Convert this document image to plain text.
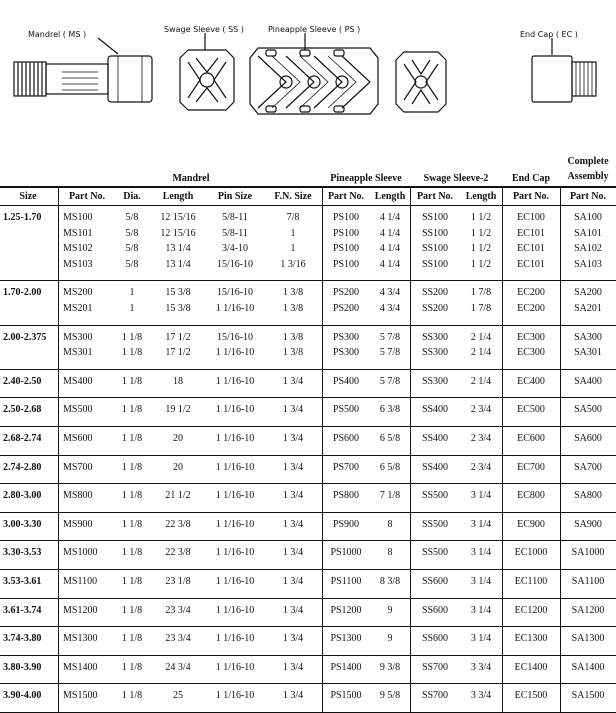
Mandrel ( MS )
Swage Sleeve ( SS )	Pineapple Sleeve ( PS )
End Cap ( EC )
Mandrel	Pineapple Sleeve	Swage Sleeve-2	End Cap
Complete
Assembly
Size	Part No.	Dia.	Length	Pin Size	F.N. Size	Part No.	Length	Part No.	Length	Part No.	Part No.
1.25-1.70 MS100	5/8	12 15/16	5/8-11	7/8	PS100	4 1/4	SS100	1 1/2	EC100	SA100
MS101	5/8	12 15/16	5/8-11	1	PS100	4 1/4	SS100	1 1/2	EC101	SA101
MS102	5/8	13 1/4	3/4-10	1	PS100	4 1/4	SS100	1 1/2	EC101	SA102
MS103	5/8	13 1/4	15/16-10	1 3/16	PS100	4 1/4	SS100	1 1/2	EC101	SA103
1.70-2.00 MS200	1	15 3/8	15/16-10	1 3/8	PS200	4 3/4	SS200	1 7/8	EC200	SA200
MS201	1	15 3/8	1 1/16-10	1 3/8	PS200	4 3/4	SS200	1 7/8	EC200	SA201
2.00-2.375 MS300	1 1/8	17 1/2	15/16-10	1 3/8	PS300	5 7/8	SS300	2 1/4	EC300	SA300
MS301	1 1/8	17 1/2	1 1/16-10	1 3/8	PS300	5 7/8	SS300	2 1/4	EC300	SA301
2.40-2.50 MS400	1 1/8	18	1 1/16-10	1 3/4	PS400	5 7/8	SS300	2 1/4	EC400	SA400
2.50-2.68 MS500	1 1/8	19 1/2	1 1/16-10	1 3/4	PS500	6 3/8	SS400	2 3/4	EC500	SA500
2.68-2.74 MS600	1 1/8	20	1 1/16-10	1 3/4	PS600	6 5/8	SS400	2 3/4	EC600	SA600
2.74-2.80 MS700	1 1/8	20	1 1/16-10	1 3/4	PS700	6 5/8	SS400	2 3/4	EC700	SA700
2.80-3.00 MS800	1 1/8	21 1/2	1 1/16-10	1 3/4	PS800	7 1/8	SS500	3 1/4	EC800	SA800
3.00-3.30 MS900	1 1/8	22 3/8	1 1/16-10	1 3/4	PS900	8	SS500	3 1/4	EC900	SA900
3.30-3.53 MS1000	1 1/8	22 3/8	1 1/16-10	1 3/4	PS1000	8	SS500	3 1/4	EC1000	SA1000
3.53-3.61 MS1100	1 1/8	23 1/8	1 1/16-10	1 3/4	PS1100	8 3/8	SS600	3 1/4	EC1100	SA1100
3.61-3.74 MS1200	1 1/8	23 3/4	1 1/16-10	1 3/4	PS1200	9	SS600	3 1/4	EC1200	SA1200
3.74-3.80 MS1300	1 1/8	23 3/4	1 1/16-10	1 3/4	PS1300	9	SS600	3 1/4	EC1300	SA1300
3.80-3.90 MS1400	1 1/8	24 3/4	1 1/16-10	1 3/4	PS1400	9 3/8	SS700	3 3/4	EC1400	SA1400
3.90-4.00 MS1500	1 1/8	25	1 1/16-10	1 3/4	PS1500	9 5/8	SS700	3 3/4	EC1500	SA1500
